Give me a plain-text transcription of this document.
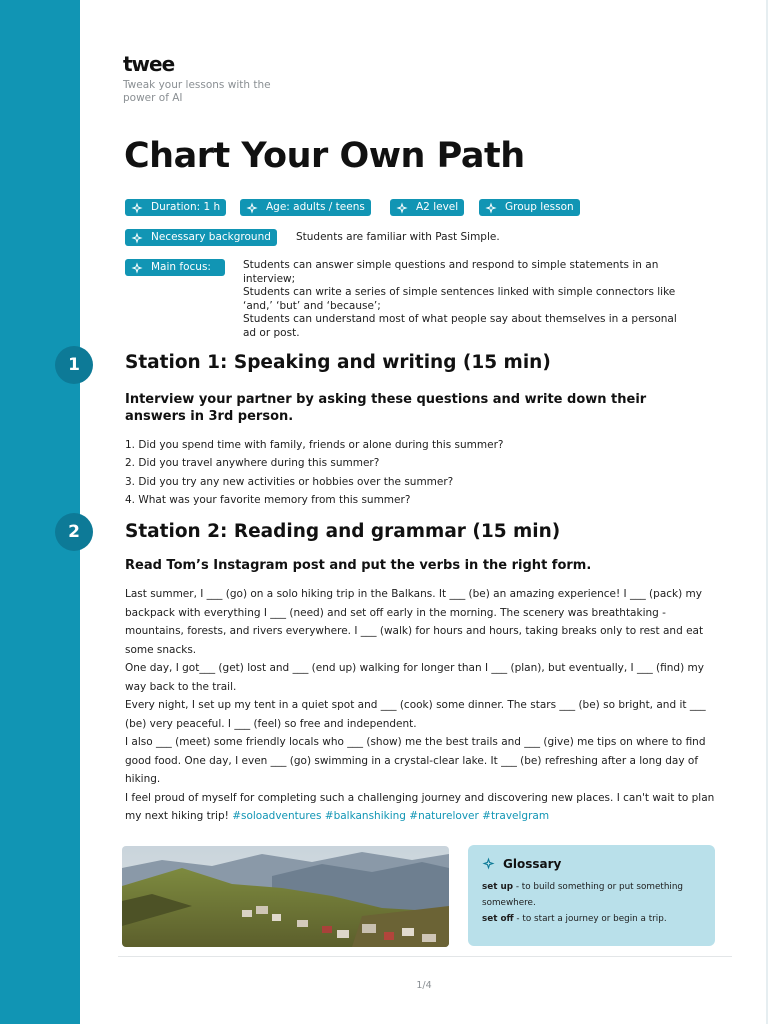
twee
Tweak your lessons with the power of AI
Chart Your Own Path
Duration: 1 h	Age: adults / teens	A2 level	Group lesson
Necessary background Students are familiar with Past Simple.
Main focus:	Students can answer simple questions and respond to simple statements in an interview;
Students can write a series of simple sentences linked with simple connectors like ‘and,’ ‘but’ and ‘because’;
Students can understand most of what people say about themselves in a personal ad or post.
1	Station 1: Speaking and writing (15 min)
Interview your partner by asking these questions and write down their answers in 3rd person.
1. Did you spend time with family, friends or alone during this summer?
2. Did you travel anywhere during this summer?
3. Did you try any new activities or hobbies over the summer?
4. What was your favorite memory from this summer?
2	Station 2: Reading and grammar (15 min)
Read Tom’s Instagram post and put the verbs in the right form.

Last summer, I ___ (go) on a solo hiking trip in the Balkans. It ___ (be) an amazing experience! I ___ (pack) my backpack with everything I ___ (need) and set off early in the morning. The scenery was breathtaking - mountains, forests, and rivers everywhere. I ___ (walk) for hours and hours, taking breaks only to rest and eat some snacks.

One day, I got___ (get) lost and ___ (end up) walking for longer than I ___ (plan), but eventually, I ___ (find) my way back to the trail.

Every night, I set up my tent in a quiet spot and ___ (cook) some dinner. The stars ___ (be) so bright, and it ___ (be) very peaceful. I ___ (feel) so free and independent.

I also ___ (meet) some friendly locals who ___ (show) me the best trails and ___ (give) me tips on where to find good food. One day, I even ___ (go) swimming in a crystal-clear lake. It ___ (be) refreshing after a long day of hiking.

I feel proud of myself for completing such a challenging journey and discovering new places. I can't wait to plan my next hiking trip! #soloadventures #balkanshiking #naturelover #travelgram

Glossary
set up - to build something or put something somewhere.
set off - to start a journey or begin a trip.
1/4
